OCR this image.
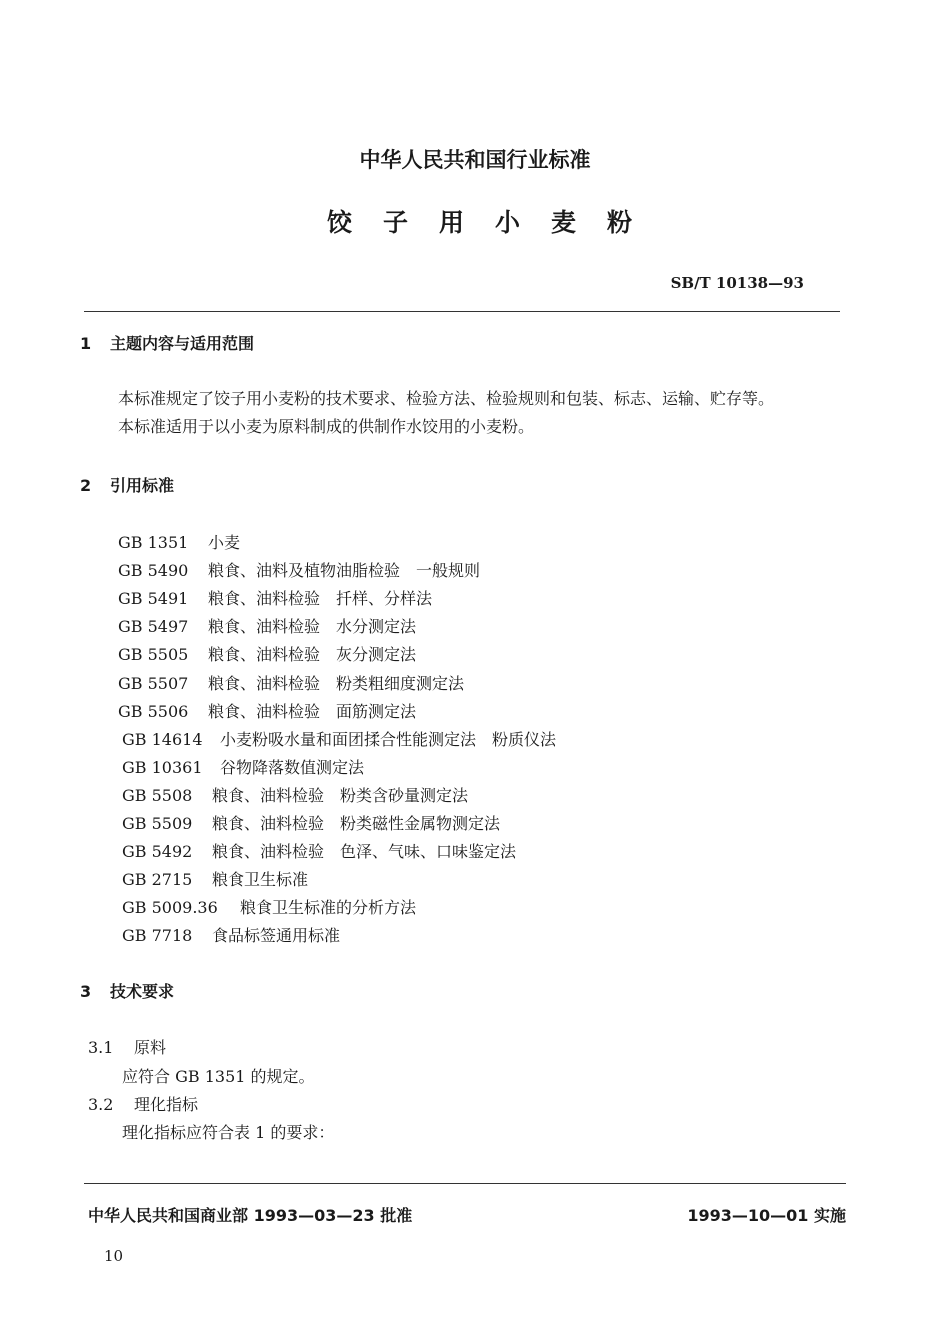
中华人民共和国行业标准
饺子用小麦粉
SB/T 10138—93
1 主题内容与适用范围
本标准规定了饺子用小麦粉的技术要求、检验方法、检验规则和包装、标志、运输、贮存等。
本标准适用于以小麦为原料制成的供制作水饺用的小麦粉。
2 引用标准
GB 1351 小麦
GB 5490 粮食、油料及植物油脂检验　一般规则
GB 5491 粮食、油料检验　扦样、分样法
GB 5497 粮食、油料检验　水分测定法
GB 5505 粮食、油料检验　灰分测定法
GB 5507 粮食、油料检验　粉类粗细度测定法
GB 5506 粮食、油料检验　面筋测定法
GB 14614 小麦粉吸水量和面团揉合性能测定法　粉质仪法
GB 10361 谷物降落数值测定法
GB 5508 粮食、油料检验　粉类含砂量测定法
GB 5509 粮食、油料检验　粉类磁性金属物测定法
GB 5492 粮食、油料检验　色泽、气味、口味鉴定法
GB 2715 粮食卫生标准
GB 5009.36 粮食卫生标准的分析方法
GB 7718 食品标签通用标准
3 技术要求
3.1 原料
应符合 GB 1351 的规定。
3.2 理化指标
理化指标应符合表 1 的要求：
中华人民共和国商业部 1993—03—23 批准	1993—10—01 实施
10
